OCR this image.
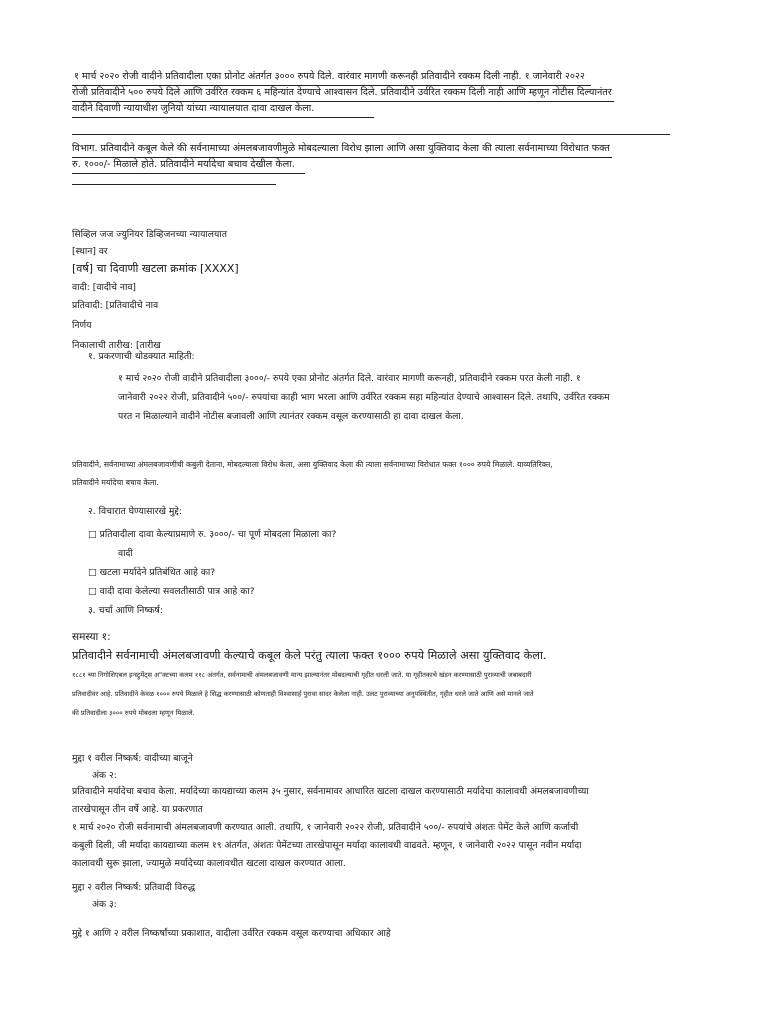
१ मार्च २०२० रोजी वादीने प्रतिवादीला एका प्रोनोट अंतर्गत ३००० रुपये दिले. वारंवार मागणी करूनही प्रतिवादीने रक्कम दिली नाही. १ जानेवारी २०२२
रोजी प्रतिवादीने ५०० रुपये दिले आणि उर्वरित रक्कम ६ महिन्यांत देण्याचे आश्वासन दिले. प्रतिवादीने उर्वरित रक्कम दिली नाही आणि म्हणून नोटीस दिल्यानंतर
वादीने दिवाणी न्यायाधीश जुनियो यांच्या न्यायालयात दावा दाखल केला.
विभाग. प्रतिवादीने कबूल केले की सर्वनामाच्या अंमलबजावणीमुळे मोबदल्याला विरोध झाला आणि असा युक्तिवाद केला की त्याला सर्वनामाच्या विरोधात फक्त
रु. १०००/- मिळाले होते. प्रतिवादीने मर्यादेचा बचाव देखील केला.
सिव्हिल जज ज्युनियर डिव्हिजनच्या न्यायालयात
[स्थान] वर
[वर्ष] चा दिवाणी खटला क्रमांक [XXXX]
वादी: [वादीचे नाव]
प्रतिवादी: [प्रतिवादीचे नाव
निर्णय
निकालाची तारीख: [तारीख
१. प्रकरणाची थोडक्यात माहिती:
१ मार्च २०२० रोजी वादीने प्रतिवादीला ३०००/- रुपये एका प्रोनोट अंतर्गत दिले. वारंवार मागणी करूनही, प्रतिवादीने रक्कम परत केली नाही. १
जानेवारी २०२२ रोजी, प्रतिवादीने ५००/- रुपयांचा काही भाग भरला आणि उर्वरित रक्कम सहा महिन्यांत देण्याचे आश्वासन दिले. तथापि, उर्वरित रक्कम
परत न मिळाल्याने वादीने नोटीस बजावली आणि त्यानंतर रक्कम वसूल करण्यासाठी हा दावा दाखल केला.
प्रतिवादीने, सर्वनामाच्या अंमलबजावणीची कबुली देताना, मोबदल्याला विरोध केला, असा युक्तिवाद केला की त्याला सर्वनामाच्या विरोधात फक्त १००० रुपये मिळाले. याव्यतिरिक्त,
प्रतिवादीने मर्यादेचा बचाव केला.
२. विचारात घेण्यासारखे मुद्दे:
□ प्रतिवादीला दावा केल्याप्रमाणे रु. ३०००/- चा पूर्ण मोबदला मिळाला का?
वादी
□ खटला मर्यादेने प्रतिबंधित आहे का?
□ वादी दावा केलेल्या सवलतीसाठी पात्र आहे का?
३. चर्चा आणि निष्कर्ष:
समस्या १:
प्रतिवादीने सर्वनामाची अंमलबजावणी केल्याचे कबूल केले परंतु त्याला फक्त १००० रुपये मिळाले असा युक्तिवाद केला.
१८८१ च्या निगोशिएबल इन्स्ट्रुमेंट्स अ"क्टच्या कलम ११८ अंतर्गत, सर्वनामाची अंमलबजावणी मान्य झाल्यानंतर मोबदल्याची गृहीत धरली जाते. या गृहीतकाचे खंडन करण्यासाठी पुराव्याची जबाबदारी
प्रतिवादीवर आहे. प्रतिवादीने केवळ १००० रुपये मिळाले हे सिद्ध करण्यासाठी कोणताही विश्वासार्ह पुरावा सादर केलेला नाही. उलट पुराव्याच्या अनुपस्थितीत, गृहीत धरले जाते आणि असे मानले जाते
की प्रतिवादीला ३००० रुपये मोबदला म्हणून मिळाले.
मुद्दा १ वरील निष्कर्ष: वादीच्या बाजूने
अंक २:
प्रतिवादीने मर्यादेचा बचाव केला. मर्यादेच्या कायद्याच्या कलम ३५ नुसार, सर्वनामावर आधारित खटला दाखल करण्यासाठी मर्यादेचा कालावधी अंमलबजावणीच्या
तारखेपासून तीन वर्षे आहे. या प्रकरणात
१ मार्च २०२० रोजी सर्वनामाची अंमलबजावणी करण्यात आली. तथापि, १ जानेवारी २०२२ रोजी, प्रतिवादीने ५००/- रुपयांचे अंशतः पेमेंट केले आणि कर्जाची
कबुली दिली, जी मर्यादा कायद्याच्या कलम १९ अंतर्गत, अंशतः पेमेंटच्या तारखेपासून मर्यादा कालावधी वाढवते. म्हणून, १ जानेवारी २०२२ पासून नवीन मर्यादा
कालावधी सुरू झाला, ज्यामुळे मर्यादेच्या कालावधीत खटला दाखल करण्यात आला.
मुद्दा २ वरील निष्कर्ष: प्रतिवादी विरुद्ध
अंक ३:
मुद्दे १ आणि २ वरील निष्कर्षांच्या प्रकाशात, वादीला उर्वरित रक्कम वसूल करण्याचा अधिकार आहे
